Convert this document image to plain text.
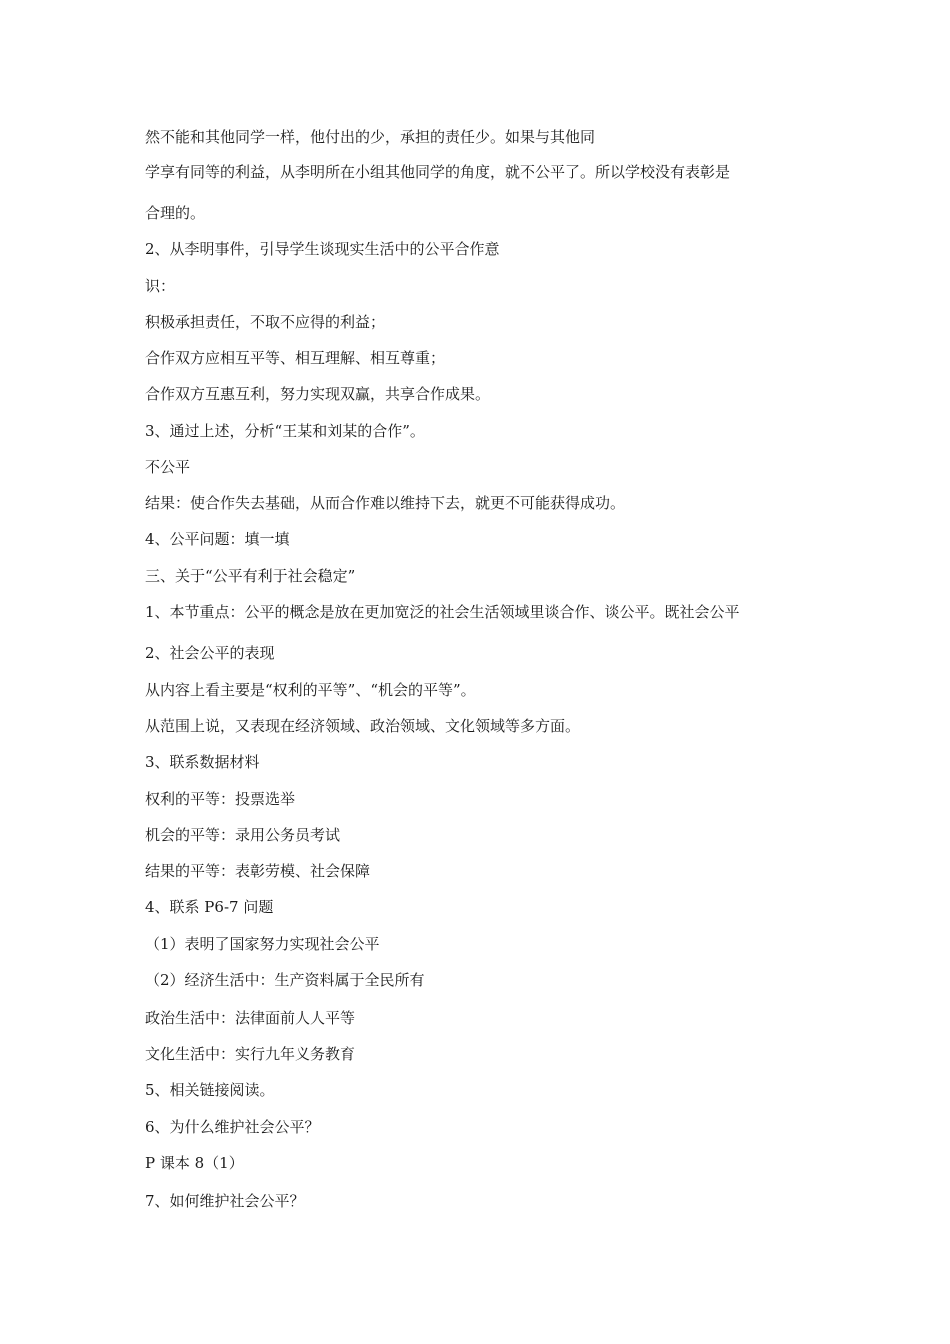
然不能和其他同学一样，他付出的少，承担的责任少。如果与其他同
学享有同等的利益，从李明所在小组其他同学的角度，就不公平了。所以学校没有表彰是
合理的。
2、从李明事件，引导学生谈现实生活中的公平合作意
识：
积极承担责任，不取不应得的利益；
合作双方应相互平等、相互理解、相互尊重；
合作双方互惠互利，努力实现双赢，共享合作成果。
3、通过上述，分析“王某和刘某的合作”。
不公平
结果：使合作失去基础，从而合作难以维持下去，就更不可能获得成功。
4、公平问题：填一填
三、关于“公平有利于社会稳定”
1、本节重点：公平的概念是放在更加宽泛的社会生活领域里谈合作、谈公平。既社会公平
2、社会公平的表现
从内容上看主要是“权利的平等”、“机会的平等”。
从范围上说，又表现在经济领域、政治领域、文化领域等多方面。
3、联系数据材料
权利的平等：投票选举
机会的平等：录用公务员考试
结果的平等：表彰劳模、社会保障
4、联系 P6-7 问题
（1）表明了国家努力实现社会公平
（2）经济生活中：生产资料属于全民所有
政治生活中：法律面前人人平等
文化生活中：实行九年义务教育
5、相关链接阅读。
6、为什么维护社会公平？
P 课本 8（1）
7、如何维护社会公平？
